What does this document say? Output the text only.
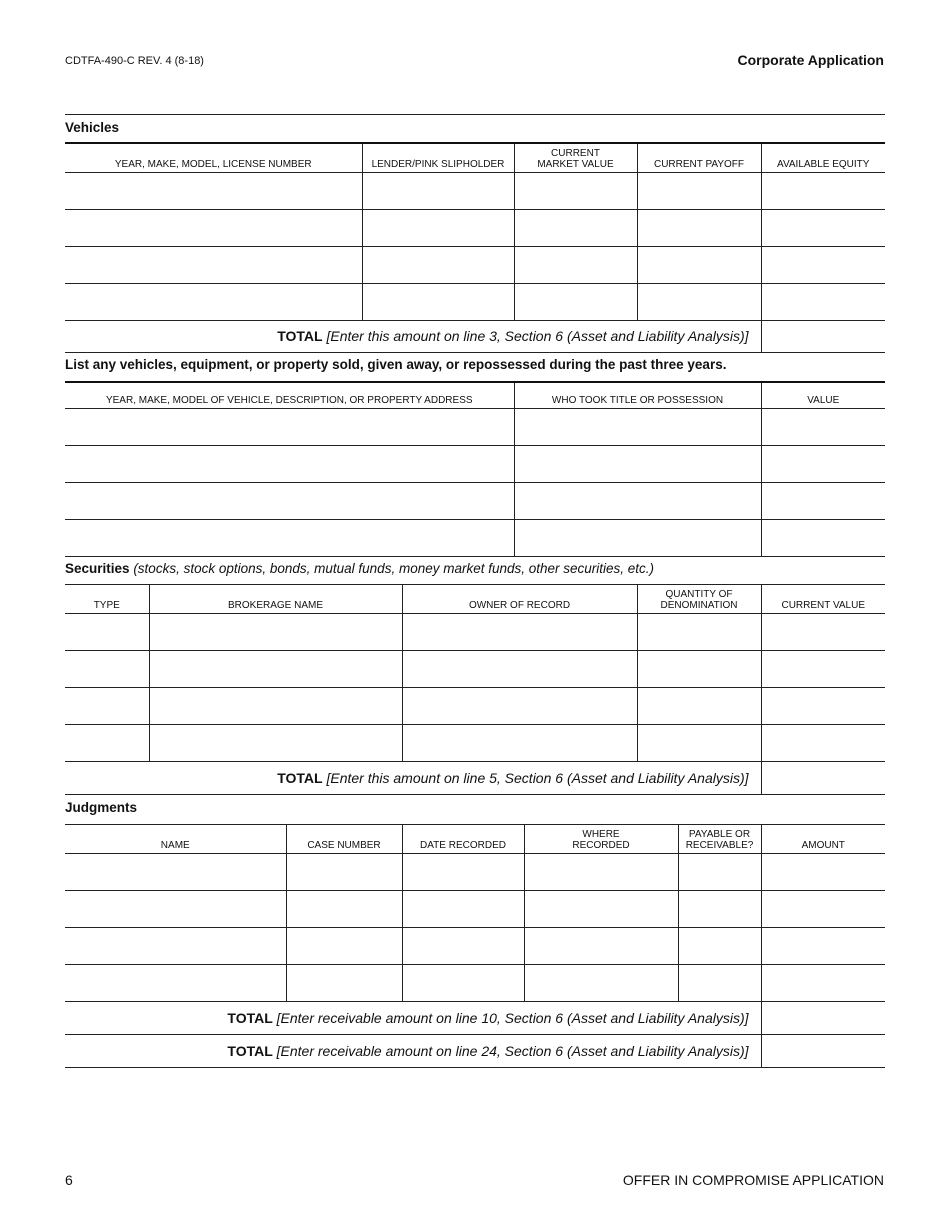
CDTFA-490-C REV. 4 (8-18)	Corporate Application
Vehicles
YEAR, MAKE, MODEL, LICENSE NUMBER	LENDER/PINK SLIPHOLDER	CURRENT MARKET VALUE	CURRENT PAYOFF	AVAILABLE EQUITY

TOTAL [Enter this amount on line 3, Section 6 (Asset and Liability Analysis)]				
List any vehicles, equipment, or property sold, given away, or repossessed during the past three years.
YEAR, MAKE, MODEL OF VEHICLE, DESCRIPTION, OR PROPERTY ADDRESS	WHO TOOK TITLE OR POSSESSION	VALUE

Securities (stocks, stock options, bonds, mutual funds, money market funds, other securities, etc.)
TYPE	BROKERAGE NAME	OWNER OF RECORD	QUANTITY OF DENOMINATION	CURRENT VALUE

TOTAL [Enter this amount on line 5, Section 6 (Asset and Liability Analysis)]				
Judgments
NAME	CASE NUMBER	DATE RECORDED	WHERE RECORDED	PAYABLE OR RECEIVABLE?	AMOUNT

TOTAL [Enter receivable amount on line 10, Section 6 (Asset and Liability Analysis)]					
TOTAL [Enter receivable amount on line 24, Section 6 (Asset and Liability Analysis)]					
6	OFFER IN COMPROMISE APPLICATION
